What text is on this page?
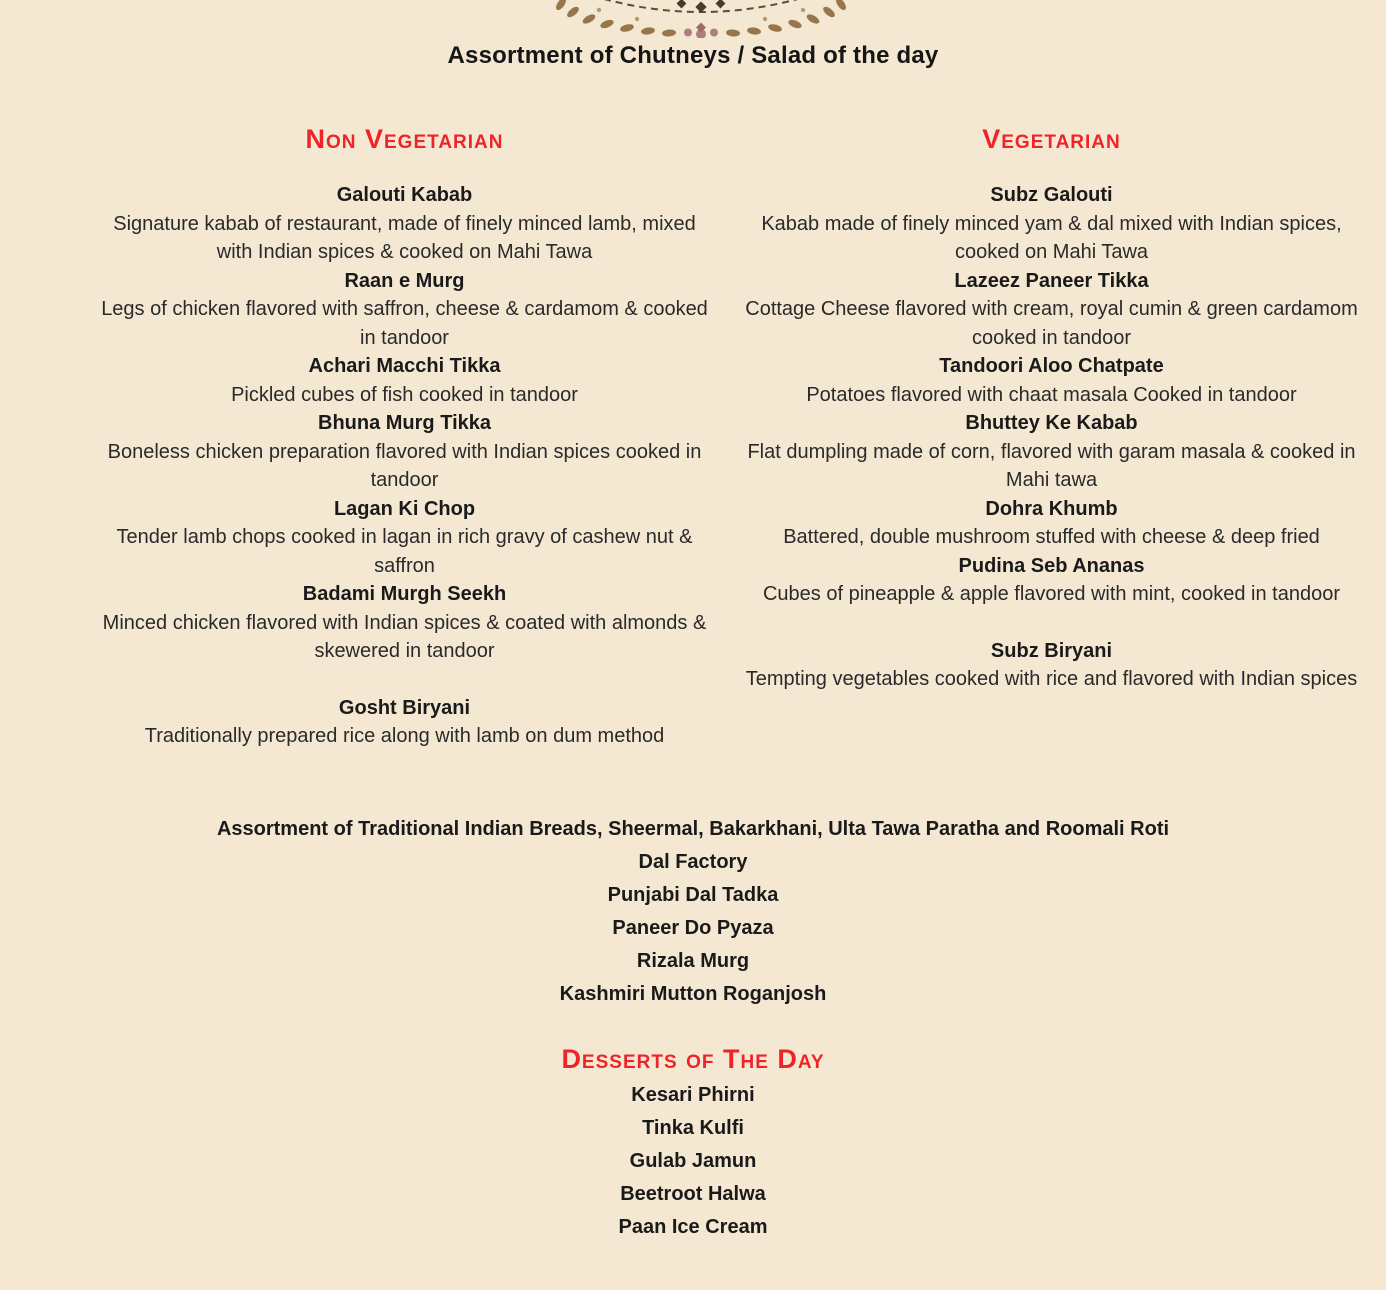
Assortment of Chutneys / Salad of the day
Non Vegetarian
Galouti Kabab
Signature kabab of restaurant, made of finely minced lamb, mixed with Indian spices & cooked on Mahi Tawa
Raan e Murg
Legs of chicken flavored with saffron, cheese & cardamom & cooked in tandoor
Achari Macchi Tikka
Pickled cubes of fish cooked in tandoor
Bhuna Murg Tikka
Boneless chicken preparation flavored with Indian spices cooked in tandoor
Lagan Ki Chop
Tender lamb chops cooked in lagan in rich gravy of cashew nut & saffron
Badami Murgh Seekh
Minced chicken flavored with Indian spices & coated with almonds & skewered in tandoor
Gosht Biryani
Traditionally prepared rice along with lamb on dum method
Vegetarian
Subz Galouti
Kabab made of finely minced yam & dal mixed with Indian spices, cooked on Mahi Tawa
Lazeez Paneer Tikka
Cottage Cheese flavored with cream, royal cumin & green cardamom cooked in tandoor
Tandoori Aloo Chatpate
Potatoes flavored with chaat masala Cooked in tandoor
Bhuttey Ke Kabab
Flat dumpling made of corn, flavored with garam masala & cooked in Mahi tawa
Dohra Khumb
Battered, double mushroom stuffed with cheese & deep fried
Pudina Seb Ananas
Cubes of pineapple & apple flavored with mint, cooked in tandoor
Subz Biryani
Tempting vegetables cooked with rice and flavored with Indian spices
Assortment of Traditional Indian Breads, Sheermal, Bakarkhani, Ulta Tawa Paratha and Roomali Roti
Dal Factory
Punjabi Dal Tadka
Paneer Do Pyaza
Rizala Murg
Kashmiri Mutton Roganjosh
Desserts of The Day
Kesari Phirni
Tinka Kulfi
Gulab Jamun
Beetroot Halwa
Paan Ice Cream
